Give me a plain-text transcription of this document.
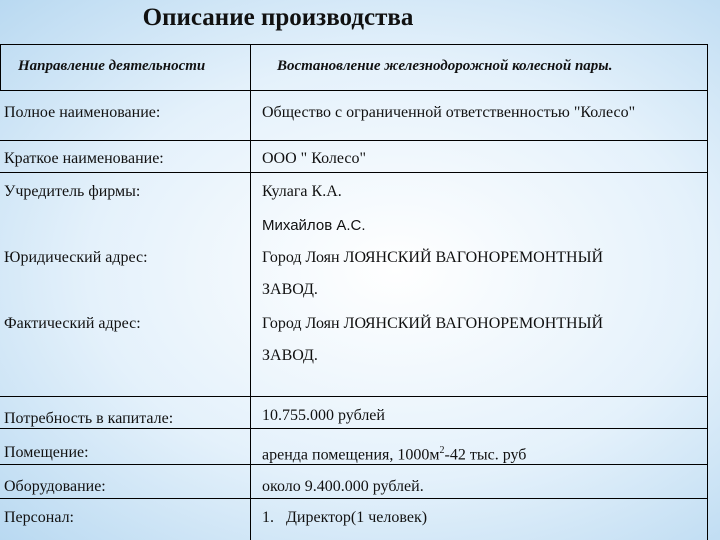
Описание производства
Направление деятельности	Востановление железнодорожной колесной пары.
Полное наименование:	Общество с ограниченной ответственностью "Колесо"
Краткое наименование:	ООО " Колесо"
Учредитель фирмы:	Кулага К.А.
Михайлов А.С.
Юридический адрес:	Город Лоян ЛОЯНСКИЙ ВАГОНОРЕМОНТНЫЙ
ЗАВОД.
Фактический адрес:	Город Лоян ЛОЯНСКИЙ ВАГОНОРЕМОНТНЫЙ
ЗАВОД.
Потребность в капитале:	10.755.000 рублей
Помещение:	аренда помещения, $1000м^2-42$ тыс. руб
Оборудование:	около 9.400.000 рублей.
Персонал:	1.   Директор(1 человек)
